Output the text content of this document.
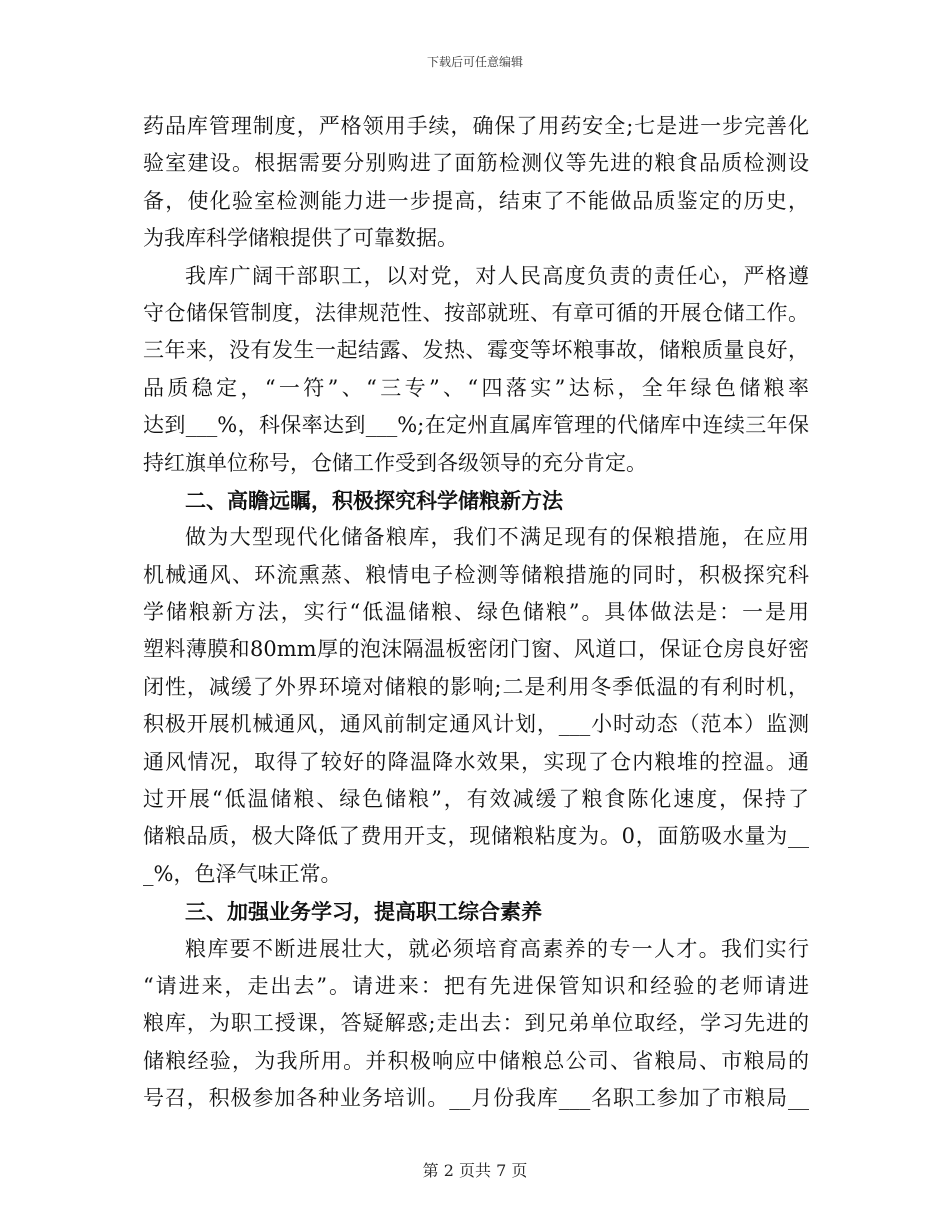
下载后可任意编辑
药品库管理制度，严格领用手续，确保了用药安全;七是进一步完善化
验室建设。根据需要分别购进了面筋检测仪等先进的粮食品质检测设
备，使化验室检测能力进一步提高，结束了不能做品质鉴定的历史，
为我库科学储粮提供了可靠数据。
我库广阔干部职工，以对党，对人民高度负责的责任心，严格遵
守仓储保管制度，法律规范性、按部就班、有章可循的开展仓储工作。
三年来，没有发生一起结露、发热、霉变等坏粮事故，储粮质量良好，
品质稳定，“一符”、“三专”、“四落实”达标，全年绿色储粮率
达到___%，科保率达到___%;在定州直属库管理的代储库中连续三年保
持红旗单位称号，仓储工作受到各级领导的充分肯定。
二、高瞻远瞩，积极探究科学储粮新方法
做为大型现代化储备粮库，我们不满足现有的保粮措施，在应用
机械通风、环流熏蒸、粮情电子检测等储粮措施的同时，积极探究科
学储粮新方法，实行“低温储粮、绿色储粮”。具体做法是：一是用
塑料薄膜和80mm厚的泡沫隔温板密闭门窗、风道口，保证仓房良好密
闭性，减缓了外界环境对储粮的影响;二是利用冬季低温的有利时机，
积极开展机械通风，通风前制定通风计划，___小时动态（范本）监测
通风情况，取得了较好的降温降水效果，实现了仓内粮堆的控温。通
过开展“低温储粮、绿色储粮”，有效减缓了粮食陈化速度，保持了
储粮品质，极大降低了费用开支，现储粮粘度为。0，面筋吸水量为__
_%，色泽气味正常。
三、加强业务学习，提高职工综合素养
粮库要不断进展壮大，就必须培育高素养的专一人才。我们实行
“请进来，走出去”。请进来：把有先进保管知识和经验的老师请进
粮库，为职工授课，答疑解惑;走出去：到兄弟单位取经，学习先进的
储粮经验，为我所用。并积极响应中储粮总公司、省粮局、市粮局的
号召，积极参加各种业务培训。__月份我库___名职工参加了市粮局__
第 2 页共 7 页
